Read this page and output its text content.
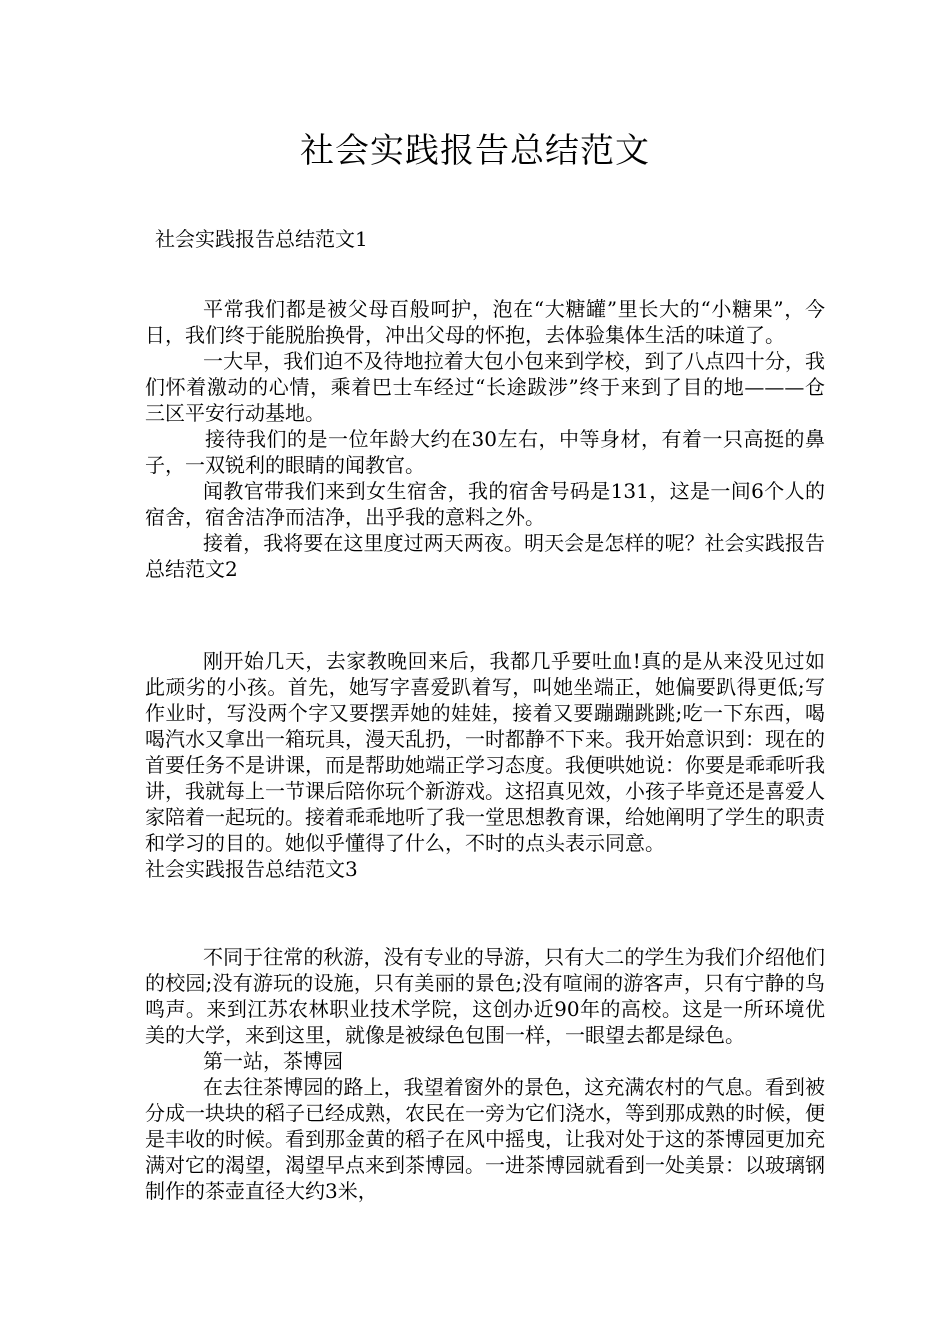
社会实践报告总结范文
社会实践报告总结范文1

平常我们都是被父母百般呵护，泡在“大糖罐”里长大的“小糖果”，今日，我们终于能脱胎换骨，冲出父母的怀抱，去体验集体生活的味道了。

一大早，我们迫不及待地拉着大包小包来到学校，到了八点四十分，我们怀着激动的心情，乘着巴士车经过“长途跋涉”终于来到了目的地———仓三区平安行动基地。

接待我们的是一位年龄大约在30左右，中等身材，有着一只高挺的鼻子，一双锐利的眼睛的闻教官。

闻教官带我们来到女生宿舍，我的宿舍号码是131，这是一间6个人的宿舍，宿舍洁净而洁净，出乎我的意料之外。

接着，我将要在这里度过两天两夜。明天会是怎样的呢？社会实践报告总结范文2

刚开始几天，去家教晚回来后，我都几乎要吐血!真的是从来没见过如此顽劣的小孩。首先，她写字喜爱趴着写，叫她坐端正，她偏要趴得更低;写作业时，写没两个字又要摆弄她的娃娃，接着又要蹦蹦跳跳;吃一下东西，喝喝汽水又拿出一箱玩具，漫天乱扔，一时都静不下来。我开始意识到：现在的首要任务不是讲课，而是帮助她端正学习态度。我便哄她说：你要是乖乖听我讲，我就每上一节课后陪你玩个新游戏。这招真见效，小孩子毕竟还是喜爱人家陪着一起玩的。接着乖乖地听了我一堂思想教育课，给她阐明了学生的职责和学习的目的。她似乎懂得了什么，不时的点头表示同意。

社会实践报告总结范文3

不同于往常的秋游，没有专业的导游，只有大二的学生为我们介绍他们的校园;没有游玩的设施，只有美丽的景色;没有喧闹的游客声，只有宁静的鸟鸣声。来到江苏农林职业技术学院，这创办近90年的高校。这是一所环境优美的大学，来到这里，就像是被绿色包围一样，一眼望去都是绿色。

第一站，茶博园

在去往茶博园的路上，我望着窗外的景色，这充满农村的气息。看到被分成一块块的稻子已经成熟，农民在一旁为它们浇水，等到那成熟的时候，便是丰收的时候。看到那金黄的稻子在风中摇曳，让我对处于这的茶博园更加充满对它的渴望，渴望早点来到茶博园。一进茶博园就看到一处美景：以玻璃钢制作的茶壶直径大约3米，
